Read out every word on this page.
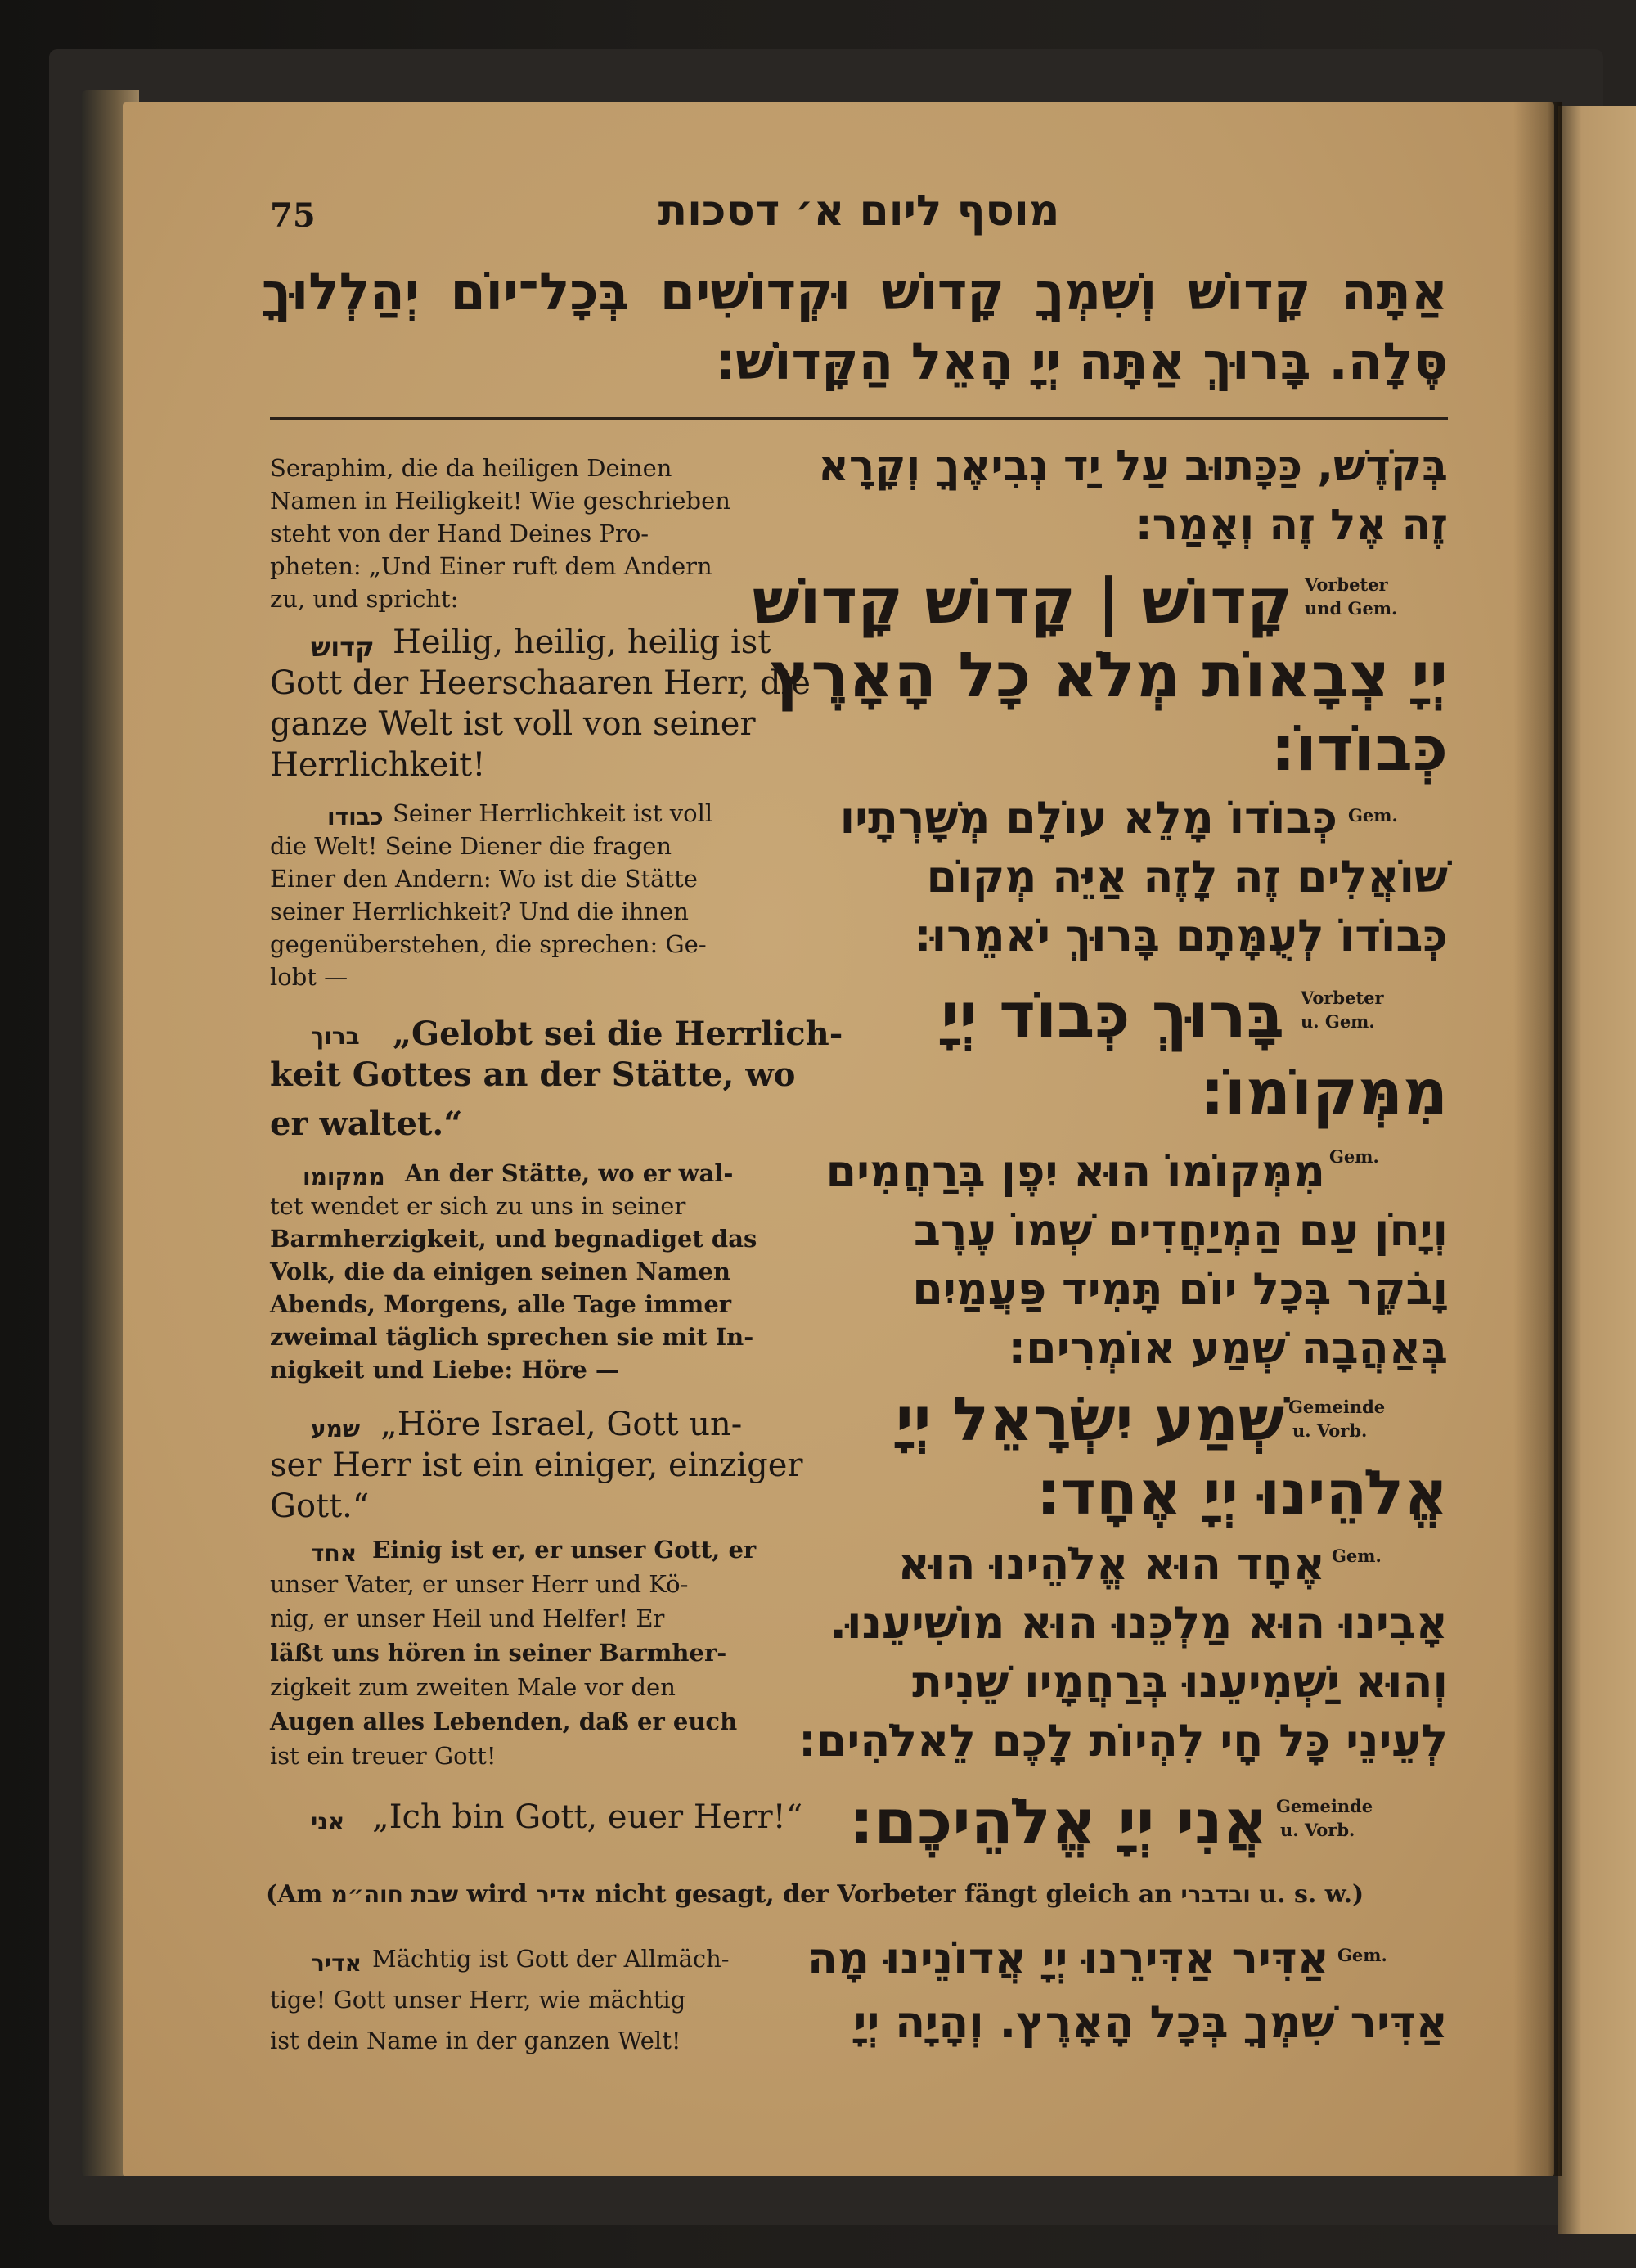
75	מוסף ליום א׳ דסכות
אַתָּה קָדוֹשׁ וְשִׁמְךָ קָדוֹשׁ וּקְדוֹשִׁים בְּכָל־יוֹם יְהַלְלוּךָ
סֶּלָה. בָּרוּךְ אַתָּה יְיָ הָאֵל הַקָּדוֹשׁ:
Seraphim, die da heiligen Deinen
Namen in Heiligkeit! Wie geschrieben
steht von der Hand Deines Pro-
pheten: „Und Einer ruft dem Andern
zu, und spricht:
קדוש Heilig, heilig, heilig ist
Gott der Heerschaaren Herr, die
ganze Welt ist voll von seiner
Herrlichkeit!
כבודו Seiner Herrlichkeit ist voll
die Welt! Seine Diener die fragen
Einer den Andern: Wo ist die Stätte
seiner Herrlichkeit? Und die ihnen
gegenüberstehen, die sprechen: Ge-
lobt —
ברוך „Gelobt sei die Herrlich-
keit Gottes an der Stätte, wo
er waltet.“
ממקומו An der Stätte, wo er wal-
tet wendet er sich zu uns in seiner
Barmherzigkeit, und begnadiget das
Volk, die da einigen seinen Namen
Abends, Morgens, alle Tage immer
zweimal täglich sprechen sie mit In-
nigkeit und Liebe: Höre —
שמע „Höre Israel, Gott un-
ser Herr ist ein einiger, einziger
Gott.“
אחד Einig ist er, er unser Gott, er
unser Vater, er unser Herr und Kö-
nig, er unser Heil und Helfer! Er
läßt uns hören in seiner Barmher-
zigkeit zum zweiten Male vor den
Augen alles Lebenden, daß er euch
ist ein treuer Gott!
אני „Ich bin Gott, euer Herr!“
בְּקֹדֶשׁ, כַּכָּתוּב עַל יַד נְבִיאֶךָ וְקָרָא
זֶה אֶל זֶה וְאָמַר:
Vorbeter
und Gem.
קָדוֹשׁ | קָדוֹשׁ קָדוֹשׁ
יְיָ צְבָאוֹת מְלֹא כָל הָאָרֶץ
כְּבוֹדוֹ:
Gem.
כְּבוֹדוֹ מָלֵא עוֹלָם מְשָׁרְתָיו
שׁוֹאֲלִים זֶה לָזֶה אַיֵּה מְקוֹם
כְּבוֹדוֹ לְעֻמָּתָם בָּרוּךְ יֹאמֵרוּ:
Vorbeter
u. Gem.
בָּרוּךְ כְּבוֹד יְיָ
מִמְּקוֹמוֹ:
Gem.
מִמְּקוֹמוֹ הוּא יִפֶן בְּרַחֲמִים
וְיָחֹן עַם הַמְיַחֲדִים שְׁמוֹ עֶרֶב
וָבֹקֶר בְּכָל יוֹם תָּמִיד פַּעֲמַיִם
בְּאַהֲבָה שְׁמַע אוֹמְרִים:
Gemeinde
u. Vorb.
שְׁמַע יִשְׂרָאֵל יְיָ
אֱלֹהֵינוּ יְיָ אֶחָד:
Gem.
אֶחָד הוּא אֱלֹהֵינוּ הוּא
אָבִינוּ הוּא מַלְכֵּנוּ הוּא מוֹשִׁיעֵנוּ.
וְהוּא יַשְׁמִיעֵנוּ בְּרַחֲמָיו שֵׁנִית
לְעֵינֵי כָּל חָי לִהְיוֹת לָכֶם לֵאלֹהִים:
Gemeinde
u. Vorb.
אֲנִי יְיָ אֱלֹהֵיכֶם:
(Am שבת חוה״מ wird אדיר nicht gesagt, der Vorbeter fängt gleich an ובדברי u. s. w.)
אדיר Mächtig ist Gott der Allmäch-
tige! Gott unser Herr, wie mächtig
ist dein Name in der ganzen Welt!
Gem.
אַדִּיר אַדִּירֵנוּ יְיָ אֲדוֹנֵינוּ מָה
אַדִּיר שִׁמְךָ בְּכָל הָאָרֶץ. וְהָיָה יְיָ
